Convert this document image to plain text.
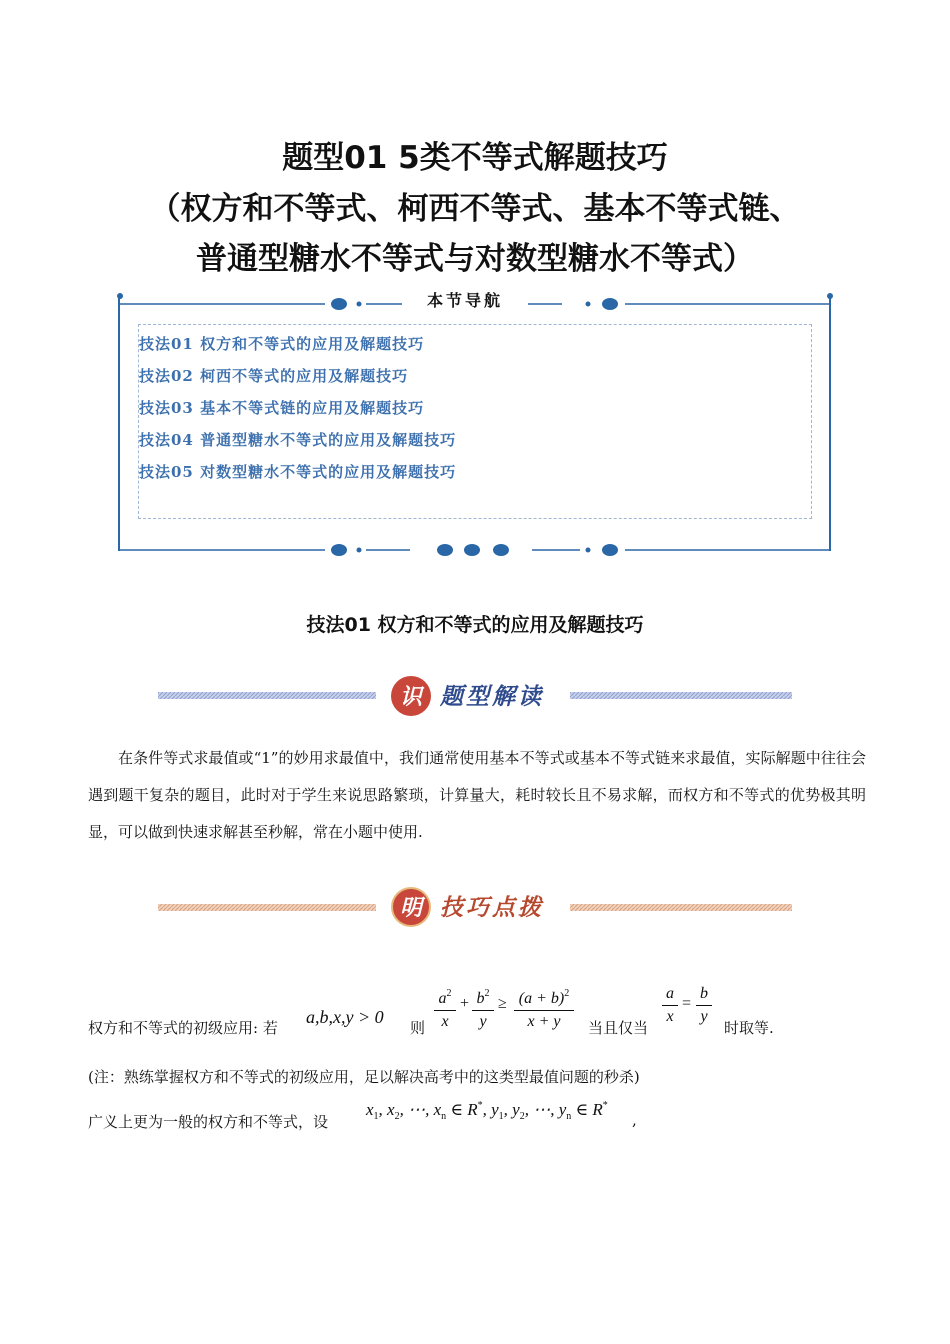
题型01 5类不等式解题技巧
（权方和不等式、柯西不等式、基本不等式链、
普通型糖水不等式与对数型糖水不等式）
本节导航
技法01 权方和不等式的应用及解题技巧
技法02 柯西不等式的应用及解题技巧
技法03 基本不等式链的应用及解题技巧
技法04 普通型糖水不等式的应用及解题技巧
技法05 对数型糖水不等式的应用及解题技巧
技法01 权方和不等式的应用及解题技巧
识 题型解读
在条件等式求最值或“1”的妙用求最值中，我们通常使用基本不等式或基本不等式链来求最值，实际解题中往往会遇到题干复杂的题目，此时对于学生来说思路繁琐，计算量大，耗时较长且不易求解，而权方和不等式的优势极其明显，可以做到快速求解甚至秒解，常在小题中使用.
明 技巧点拨
权方和不等式的初级应用: 若
a,b,x,y > 0
则
$a^2$
x
+ $b^2$
y
≥ $(a + b)^2$
x + y	当且仅当
a
x
=
b
y
时取等.
(注：熟练掌握权方和不等式的初级应用，足以解决高考中的这类型最值问题的秒杀)
广义上更为一般的权方和不等式，设
$x_1$, $x_2$, ⋯, $x_n$ ∈ R*, $y_1$, $y_2$, ⋯, $y_n$ ∈ R*
,
